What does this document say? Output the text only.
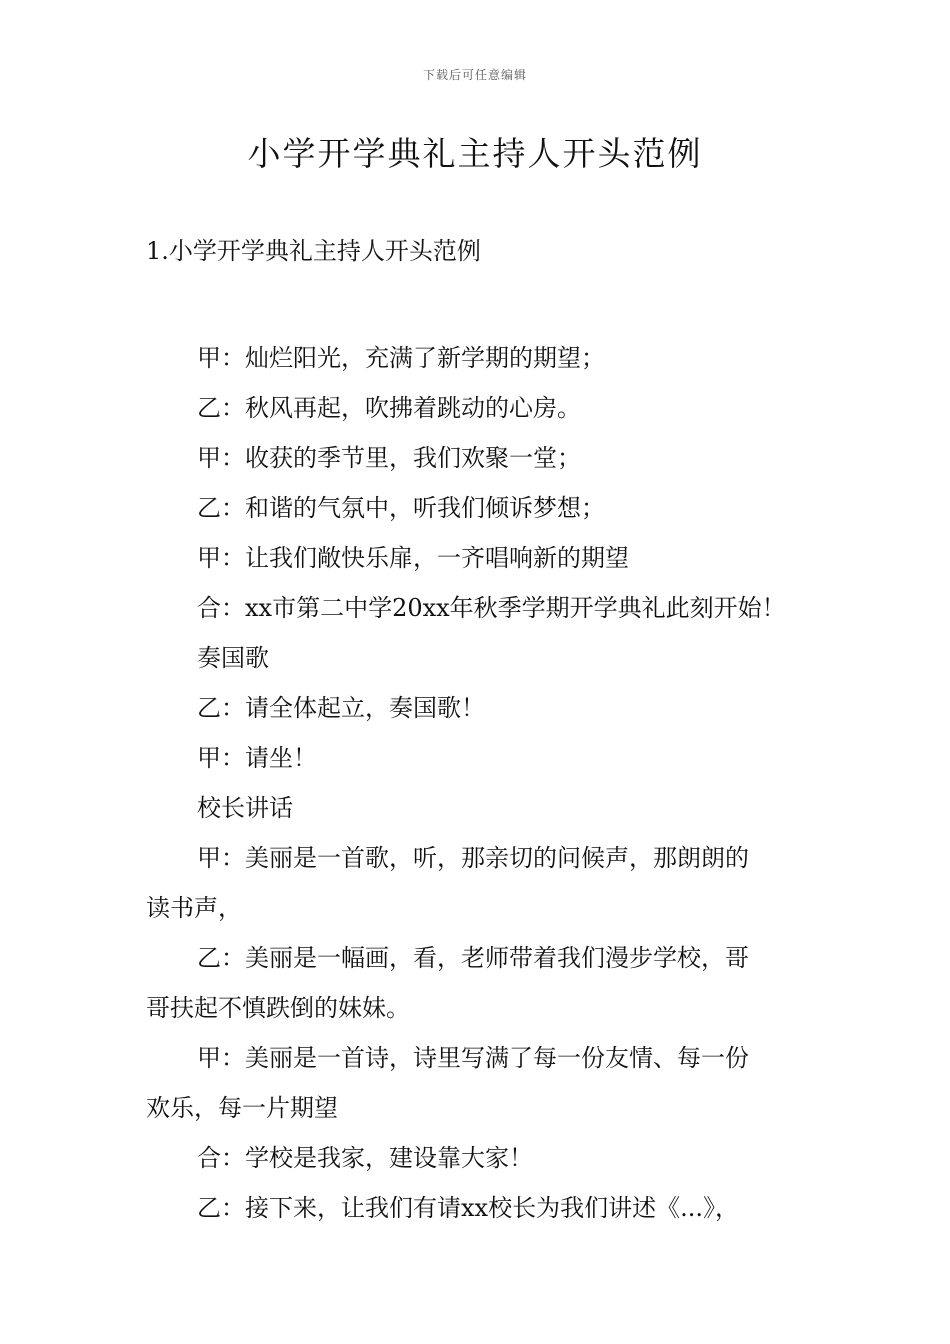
下载后可任意编辑
小学开学典礼主持人开头范例
1.小学开学典礼主持人开头范例
甲：灿烂阳光，充满了新学期的期望；
乙：秋风再起，吹拂着跳动的心房。
甲：收获的季节里，我们欢聚一堂；
乙：和谐的气氛中，听我们倾诉梦想；
甲：让我们敞快乐扉，一齐唱响新的期望
合：xx市第二中学20xx年秋季学期开学典礼此刻开始！
奏国歌
乙：请全体起立，奏国歌！
甲：请坐！
校长讲话
甲：美丽是一首歌，听，那亲切的问候声，那朗朗的
读书声，
乙：美丽是一幅画，看，老师带着我们漫步学校，哥
哥扶起不慎跌倒的妹妹。
甲：美丽是一首诗，诗里写满了每一份友情、每一份
欢乐，每一片期望
合：学校是我家，建设靠大家！
乙：接下来，让我们有请xx校长为我们讲述《...》，
